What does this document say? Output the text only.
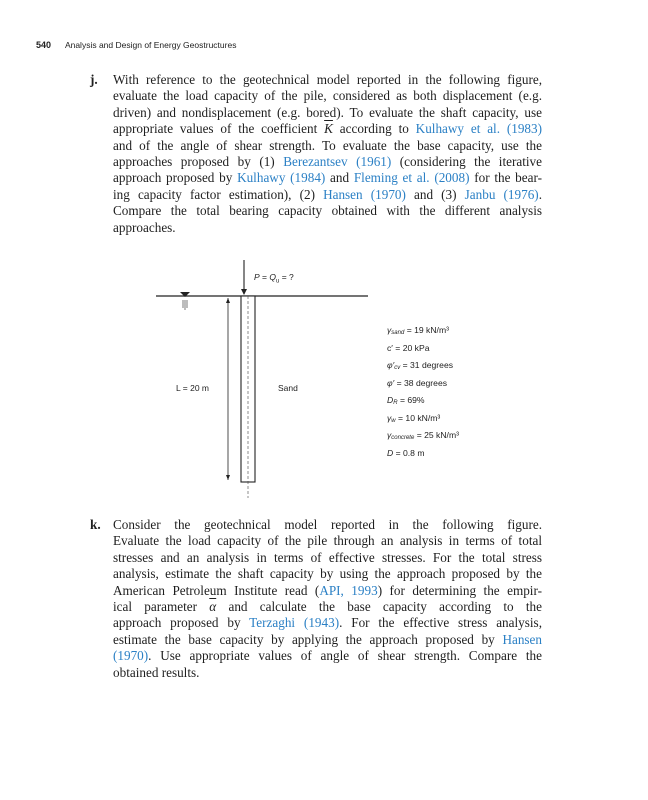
540 Analysis and Design of Energy Geostructures
j. With reference to the geotechnical model reported in the following figure,
evaluate the load capacity of the pile, considered as both displacement (e.g.
driven) and nondisplacement (e.g. bored). To evaluate the shaft capacity, use
appropriate values of the coefficient $\overline{K}$ according to Kulhawy et al. (1983)
and of the angle of shear strength. To evaluate the base capacity, use the
approaches proposed by (1) Berezantsev (1961) (considering the iterative
approach proposed by Kulhawy (1984) and Fleming et al. (2008) for the bear-
ing capacity factor estimation), (2) Hansen (1970) and (3) Janbu (1976).
Compare the total bearing capacity obtained with the different analysis
approaches.
$P = Q_u$ = ?
L = 20 m	Sand
γsand = 19 kN/m³
c′ = 20 kPa
φ′cv = 31 degrees
φ′ = 38 degrees
DR = 69%
γw = 10 kN/m³
γconcrete = 25 kN/m³
D = 0.8 m
k. Consider the geotechnical model reported in the following figure.
Evaluate the load capacity of the pile through an analysis in terms of total
stresses and an analysis in terms of effective stresses. For the total stress
analysis, estimate the shaft capacity by using the approach proposed by the
American Petroleum Institute read (API, 1993) for determining the empir-
ical parameter $\overline{\alpha}$ and calculate the base capacity according to the
approach proposed by Terzaghi (1943). For the effective stress analysis,
estimate the base capacity by applying the approach proposed by Hansen
(1970). Use appropriate values of angle of shear strength. Compare the
obtained results.
